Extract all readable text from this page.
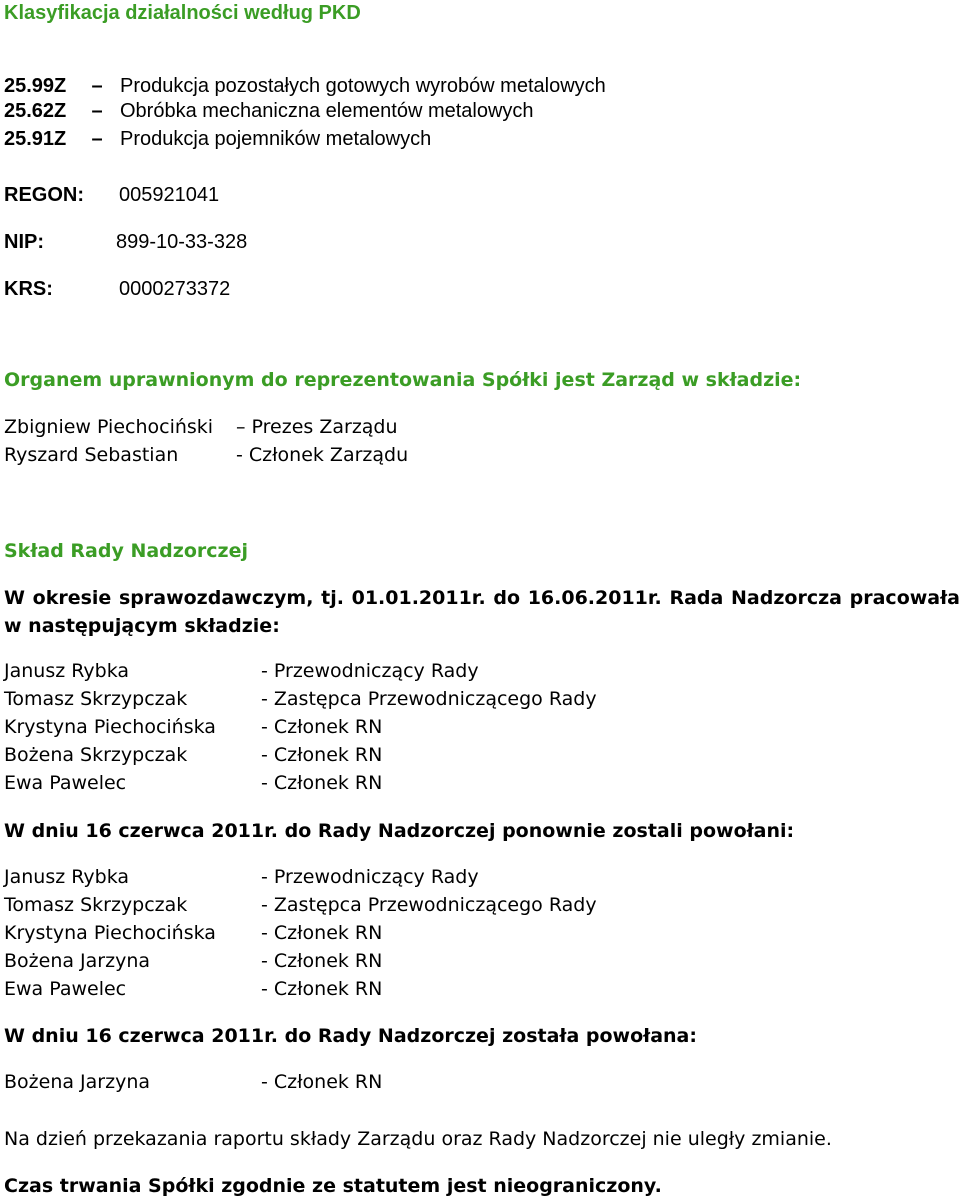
Klasyfikacja działalności według PKD
25.99Z – Produkcja pozostałych gotowych wyrobów metalowych
25.62Z – Obróbka mechaniczna elementów metalowych
25.91Z – Produkcja pojemników metalowych
REGON: 005921041
NIP:	899-10-33-328
KRS:	0000273372
Organem uprawnionym do reprezentowania Spółki jest Zarząd w składzie:
Zbigniew Piechociński – Prezes Zarządu
Ryszard Sebastian	- Członek Zarządu
Skład Rady Nadzorczej
W okresie sprawozdawczym, tj. 01.01.2011r. do 16.06.2011r. Rada Nadzorcza pracowała w następującym składzie:
Janusz Rybka	- Przewodniczący Rady
Tomasz Skrzypczak	- Zastępca Przewodniczącego Rady
Krystyna Piechocińska - Członek RN
Bożena Skrzypczak	- Członek RN
Ewa Pawelec	- Członek RN
W dniu 16 czerwca 2011r. do Rady Nadzorczej ponownie zostali powołani:
Janusz Rybka	- Przewodniczący Rady
Tomasz Skrzypczak	- Zastępca Przewodniczącego Rady
Krystyna Piechocińska - Członek RN
Bożena Jarzyna	- Członek RN
Ewa Pawelec	- Członek RN
W dniu 16 czerwca 2011r. do Rady Nadzorczej została powołana:
Bożena Jarzyna	- Członek RN
Na dzień przekazania raportu składy Zarządu oraz Rady Nadzorczej nie uległy zmianie.
Czas trwania Spółki zgodnie ze statutem jest nieograniczony.
